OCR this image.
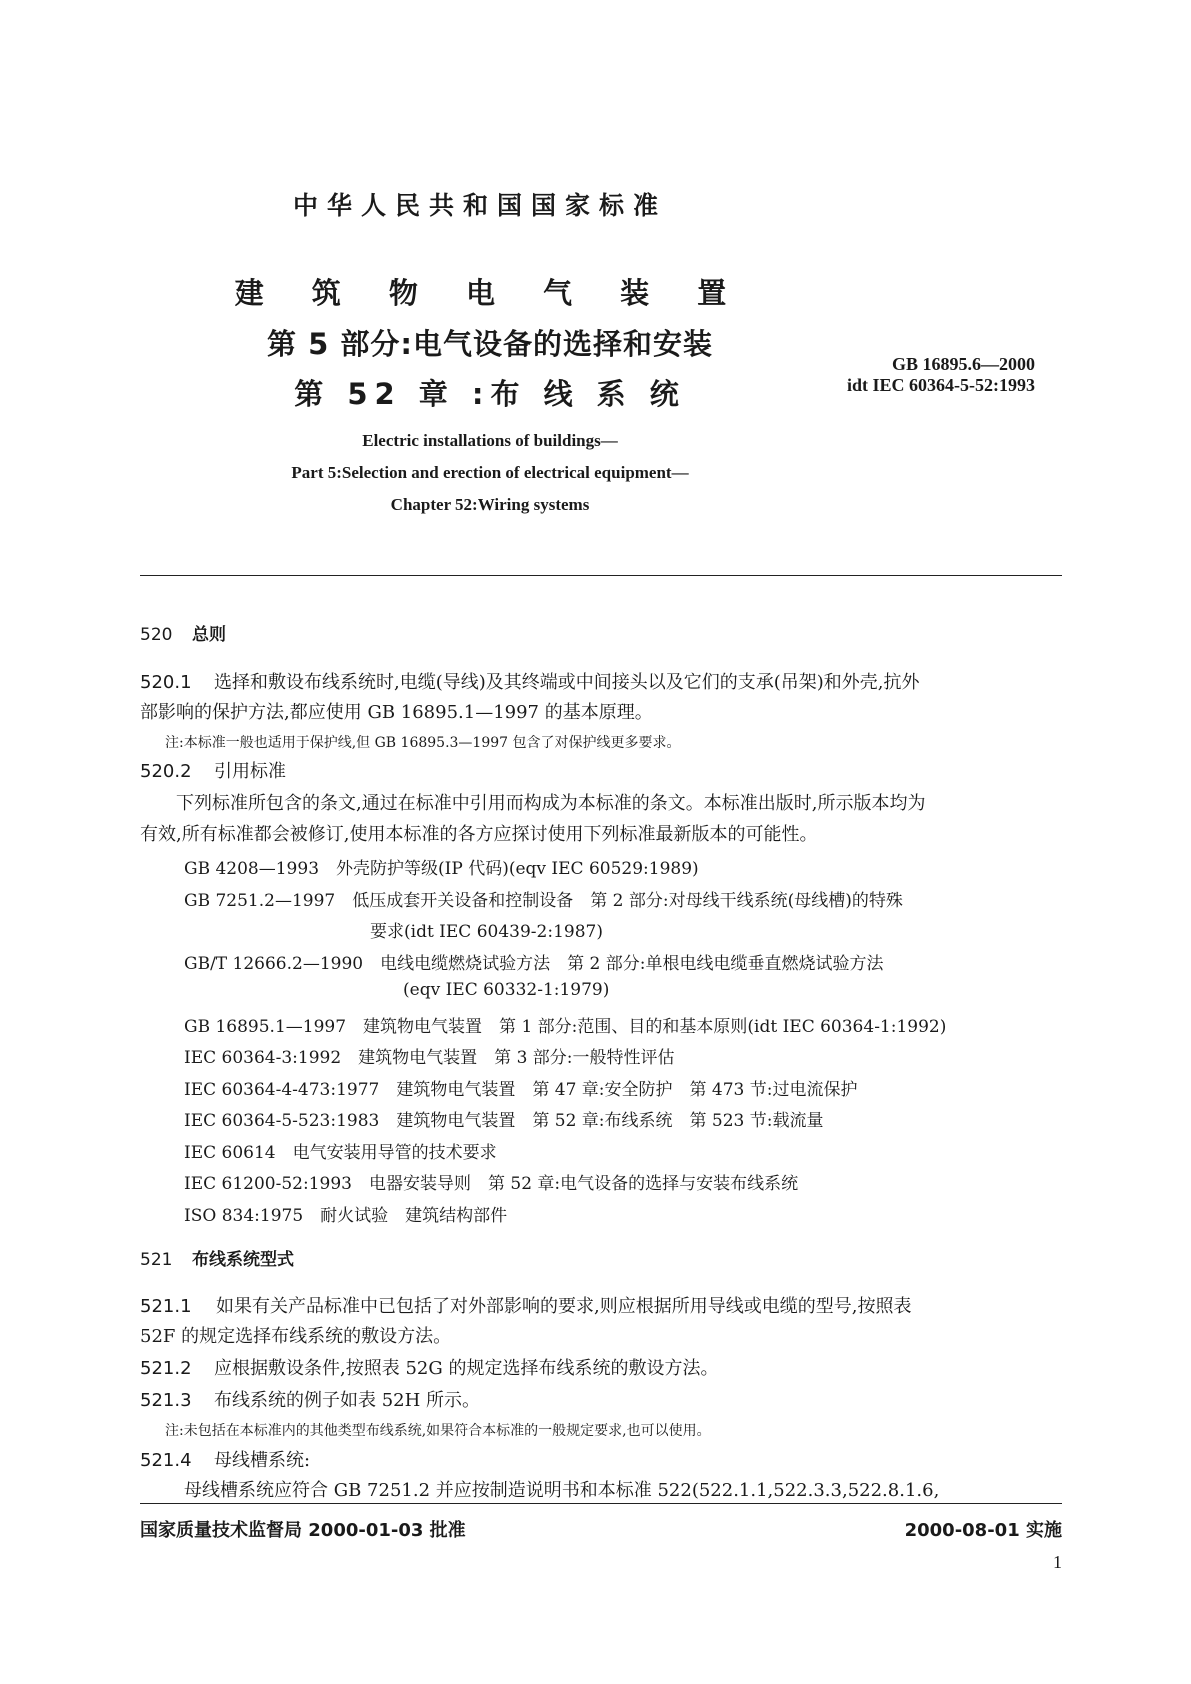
中华人民共和国国家标准
建 筑 物 电 气 装 置
第 5 部分:电气设备的选择和安装
第 52 章 :布 线 系 统
GB 16895.6—2000
idt IEC 60364-5-52:1993
Electric installations of buildings—
Part 5:Selection and erection of electrical equipment—
Chapter 52:Wiring systems
520 总则
520.1 选择和敷设布线系统时,电缆(导线)及其终端或中间接头以及它们的支承(吊架)和外壳,抗外
部影响的保护方法,都应使用 GB 16895.1—1997 的基本原理。
注:本标准一般也适用于保护线,但 GB 16895.3—1997 包含了对保护线更多要求。
520.2 引用标准
下列标准所包含的条文,通过在标准中引用而构成为本标准的条文。本标准出版时,所示版本均为
有效,所有标准都会被修订,使用本标准的各方应探讨使用下列标准最新版本的可能性。
GB 4208—1993　外壳防护等级(IP 代码)(eqv IEC 60529:1989)
GB 7251.2—1997　低压成套开关设备和控制设备　第 2 部分:对母线干线系统(母线槽)的特殊
要求(idt IEC 60439-2:1987)
GB/T 12666.2—1990　电线电缆燃烧试验方法　第 2 部分:单根电线电缆垂直燃烧试验方法
(eqv IEC 60332-1:1979)
GB 16895.1—1997　建筑物电气装置　第 1 部分:范围、目的和基本原则(idt IEC 60364-1:1992)
IEC 60364-3:1992　建筑物电气装置　第 3 部分:一般特性评估
IEC 60364-4-473:1977　建筑物电气装置　第 47 章:安全防护　第 473 节:过电流保护
IEC 60364-5-523:1983　建筑物电气装置　第 52 章:布线系统　第 523 节:载流量
IEC 60614　电气安装用导管的技术要求
IEC 61200-52:1993　电器安装导则　第 52 章:电气设备的选择与安装布线系统
ISO 834:1975　耐火试验　建筑结构部件
521 布线系统型式
521.1 如果有关产品标准中已包括了对外部影响的要求,则应根据所用导线或电缆的型号,按照表
52F 的规定选择布线系统的敷设方法。
521.2 应根据敷设条件,按照表 52G 的规定选择布线系统的敷设方法。
521.3 布线系统的例子如表 52H 所示。
注:未包括在本标准内的其他类型布线系统,如果符合本标准的一般规定要求,也可以使用。
521.4 母线槽系统:
母线槽系统应符合 GB 7251.2 并应按制造说明书和本标准 522(522.1.1,522.3.3,522.8.1.6,
国家质量技术监督局 2000-01-03 批准	2000-08-01 实施
1
